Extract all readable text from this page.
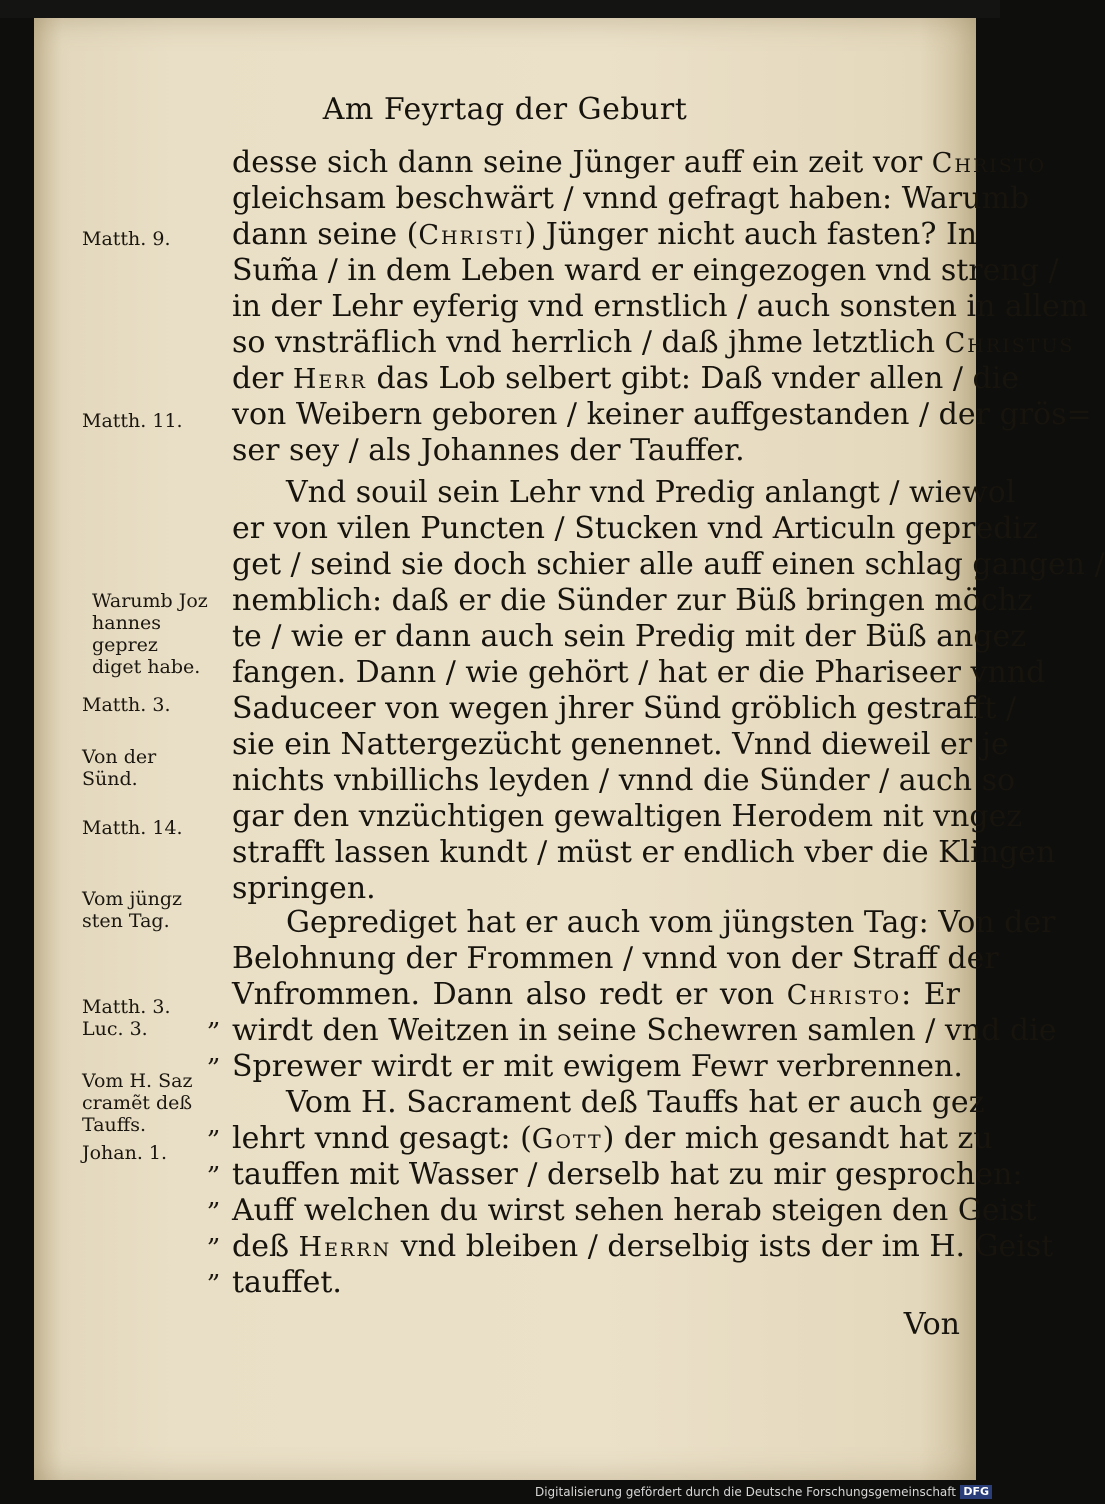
Am Feyrtag der Geburt
desse sich dann seine Jünger auff ein zeit vor Christo
gleichsam beschwärt / vnnd gefragt haben: Warumb
dann seine (Christi) Jünger nicht auch fasten? In
Sum̃a / in dem Leben ward er eingezogen vnd streng /
in der Lehr eyferig vnd ernstlich / auch sonsten in allem
so vnsträflich vnd herrlich / daß jhme letztlich Christus
der Herr das Lob selbert gibt: Daß vnder allen / die
von Weibern geboren / keiner auffgestanden / der grös=
ser sey / als Johannes der Tauffer.
Vnd souil sein Lehr vnd Predig anlangt / wiewol
er von vilen Puncten / Stucken vnd Articuln geprediz
get / seind sie doch schier alle auff einen schlag gangen /
nemblich: daß er die Sünder zur Büß bringen möchz
te / wie er dann auch sein Predig mit der Büß angez
fangen. Dann / wie gehört / hat er die Phariseer vnnd
Saduceer von wegen jhrer Sünd gröblich gestrafft /
sie ein Nattergezücht genennet. Vnnd dieweil er je
nichts vnbillichs leyden / vnnd die Sünder / auch so
gar den vnzüchtigen gewaltigen Herodem nit vngez
strafft lassen kundt / müst er endlich vber die Klingen
springen.
Geprediget hat er auch vom jüngsten Tag: Von der
Belohnung der Frommen / vnnd von der Straff der
Vnfrommen. Dann also redt er von Christo: Er
wirdt den Weitzen in seine Schewren samlen / vnd die
Sprewer wirdt er mit ewigem Fewr verbrennen.
Vom H. Sacrament deß Tauffs hat er auch gez
lehrt vnnd gesagt: (Gott) der mich gesandt hat zu
tauffen mit Wasser / derselb hat zu mir gesprochen:
Auff welchen du wirst sehen herab steigen den Geist
deß Herrn vnd bleiben / derselbig ists der im H. Geist
tauffet.
Von
Matth. 9.
Matth. 11.
Warumb Joz hannes geprez diget habe.
Matth. 3.
Von der Sünd.
Matth. 14.
Vom jüngz sten Tag.
Matth. 3.
Luc. 3.
Vom H. Saz cramẽt deß Tauffs.
Johan. 1.
„
„
„
„
„
„
„
Digitalisierung gefördert durch die Deutsche Forschungsgemeinschaft DFG
